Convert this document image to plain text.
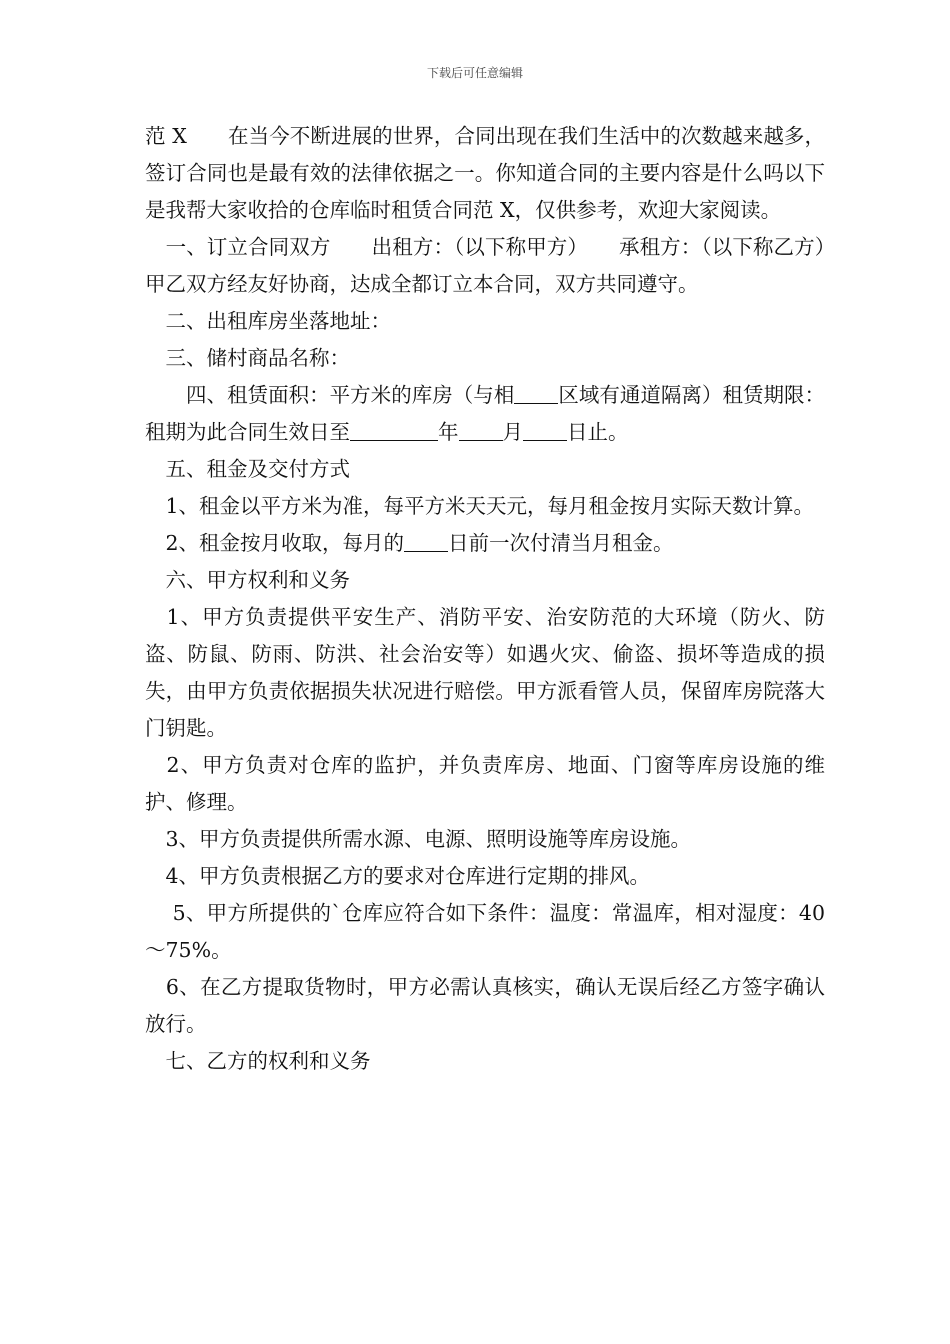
下载后可任意编辑

范 X　　在当今不断进展的世界，合同出现在我们生活中的次数越来越多，签订合同也是最有效的法律依据之一。你知道合同的主要内容是什么吗以下是我帮大家收拾的仓库临时租赁合同范 X，仅供参考，欢迎大家阅读。

　一、订立合同双方　　出租方：（以下称甲方）　　承租方：（以下称乙方）　　甲乙双方经友好协商，达成全都订立本合同，双方共同遵守。

　二、出租库房坐落地址：

　三、储村商品名称：

　　四、租赁面积：平方米的库房（与相 区域有通道隔离）租赁期限：租期为此合同生效日至	年 月 日止。

　五、租金及交付方式

　1、租金以平方米为准，每平方米天天元，每月租金按月实际天数计算。

　2、租金按月收取，每月的 日前一次付清当月租金。

　六、甲方权利和义务

　1、甲方负责提供平安生产、消防平安、治安防范的大环境（防火、防盗、防鼠、防雨、防洪、社会治安等）如遇火灾、偷盗、损坏等造成的损失，由甲方负责依据损失状况进行赔偿。甲方派看管人员，保留库房院落大门钥匙。

　2、甲方负责对仓库的监护，并负责库房、地面、门窗等库房设施的维护、修理。

　3、甲方负责提供所需水源、电源、照明设施等库房设施。

　4、甲方负责根据乙方的要求对仓库进行定期的排风。

　 5、甲方所提供的`仓库应符合如下条件：温度：常温库，相对湿度：40～75%。

　6、在乙方提取货物时，甲方必需认真核实，确认无误后经乙方签字确认放行。

　七、乙方的权利和义务
